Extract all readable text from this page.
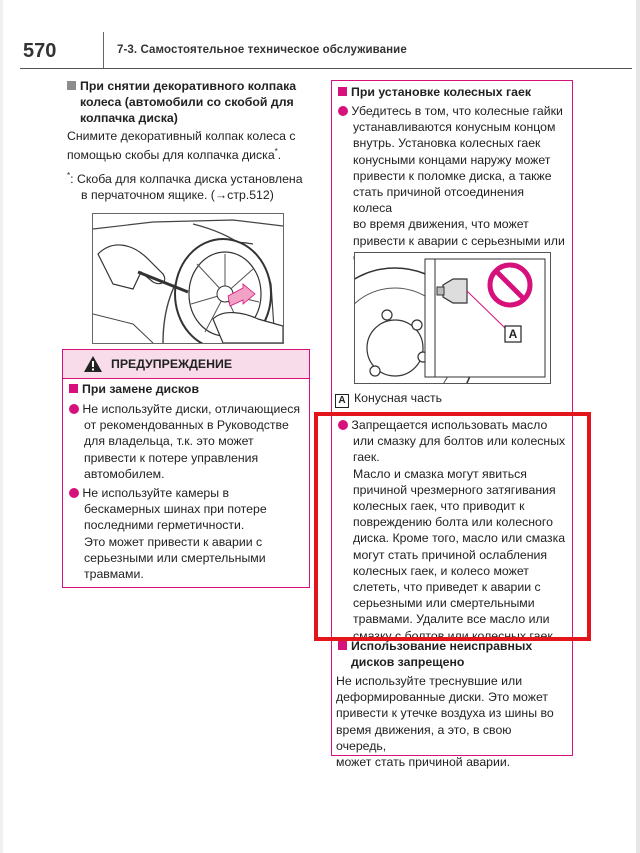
570	7-3. Самостоятельное техническое обслуживание
При снятии декоративного колпака
колеса (автомобили со скобой для
колпачка диска)
Снимите декоративный колпак колеса с
помощью скобы для колпачка диска*.
*: Скоба для колпачка диска установлена
в перчаточном ящике. (→стр.512)
ПРЕДУПРЕЖДЕНИЕ
При замене дисков
Не используйте диски, отличающиеся
от рекомендованных в Руководстве
для владельца, т.к. это может
привести к потере управления
автомобилем.
Не используйте камеры в
бескамерных шинах при потере
последними герметичности.
Это может привести к аварии с
серьезными или смертельными
травмами.
При установке колесных гаек
Убедитесь в том, что колесные гайки
устанавливаются конусным концом
внутрь. Установка колесных гаек
конусными концами наружу может
привести к поломке диска, а также
стать причиной отсоединения колеса
во время движения, что может
привести к аварии с серьезными или
A
A Конусная часть
Запрещается использовать масло
или смазку для болтов или колесных
гаек.
Масло и смазка могут явиться
причиной чрезмерного затягивания
колесных гаек, что приводит к
повреждению болта или колесного
диска. Кроме того, масло или смазка
могут стать причиной ослабления
колесных гаек, и колесо может
слететь, что приведет к аварии с
серьезными или смертельными
травмами. Удалите все масло или
смазку с болтов или колесных гаек.
Использование неисправных
дисков запрещено
Не используйте треснувшие или
деформированные диски. Это может
привести к утечке воздуха из шины во
время движения, а это, в свою очередь,
может стать причиной аварии.
